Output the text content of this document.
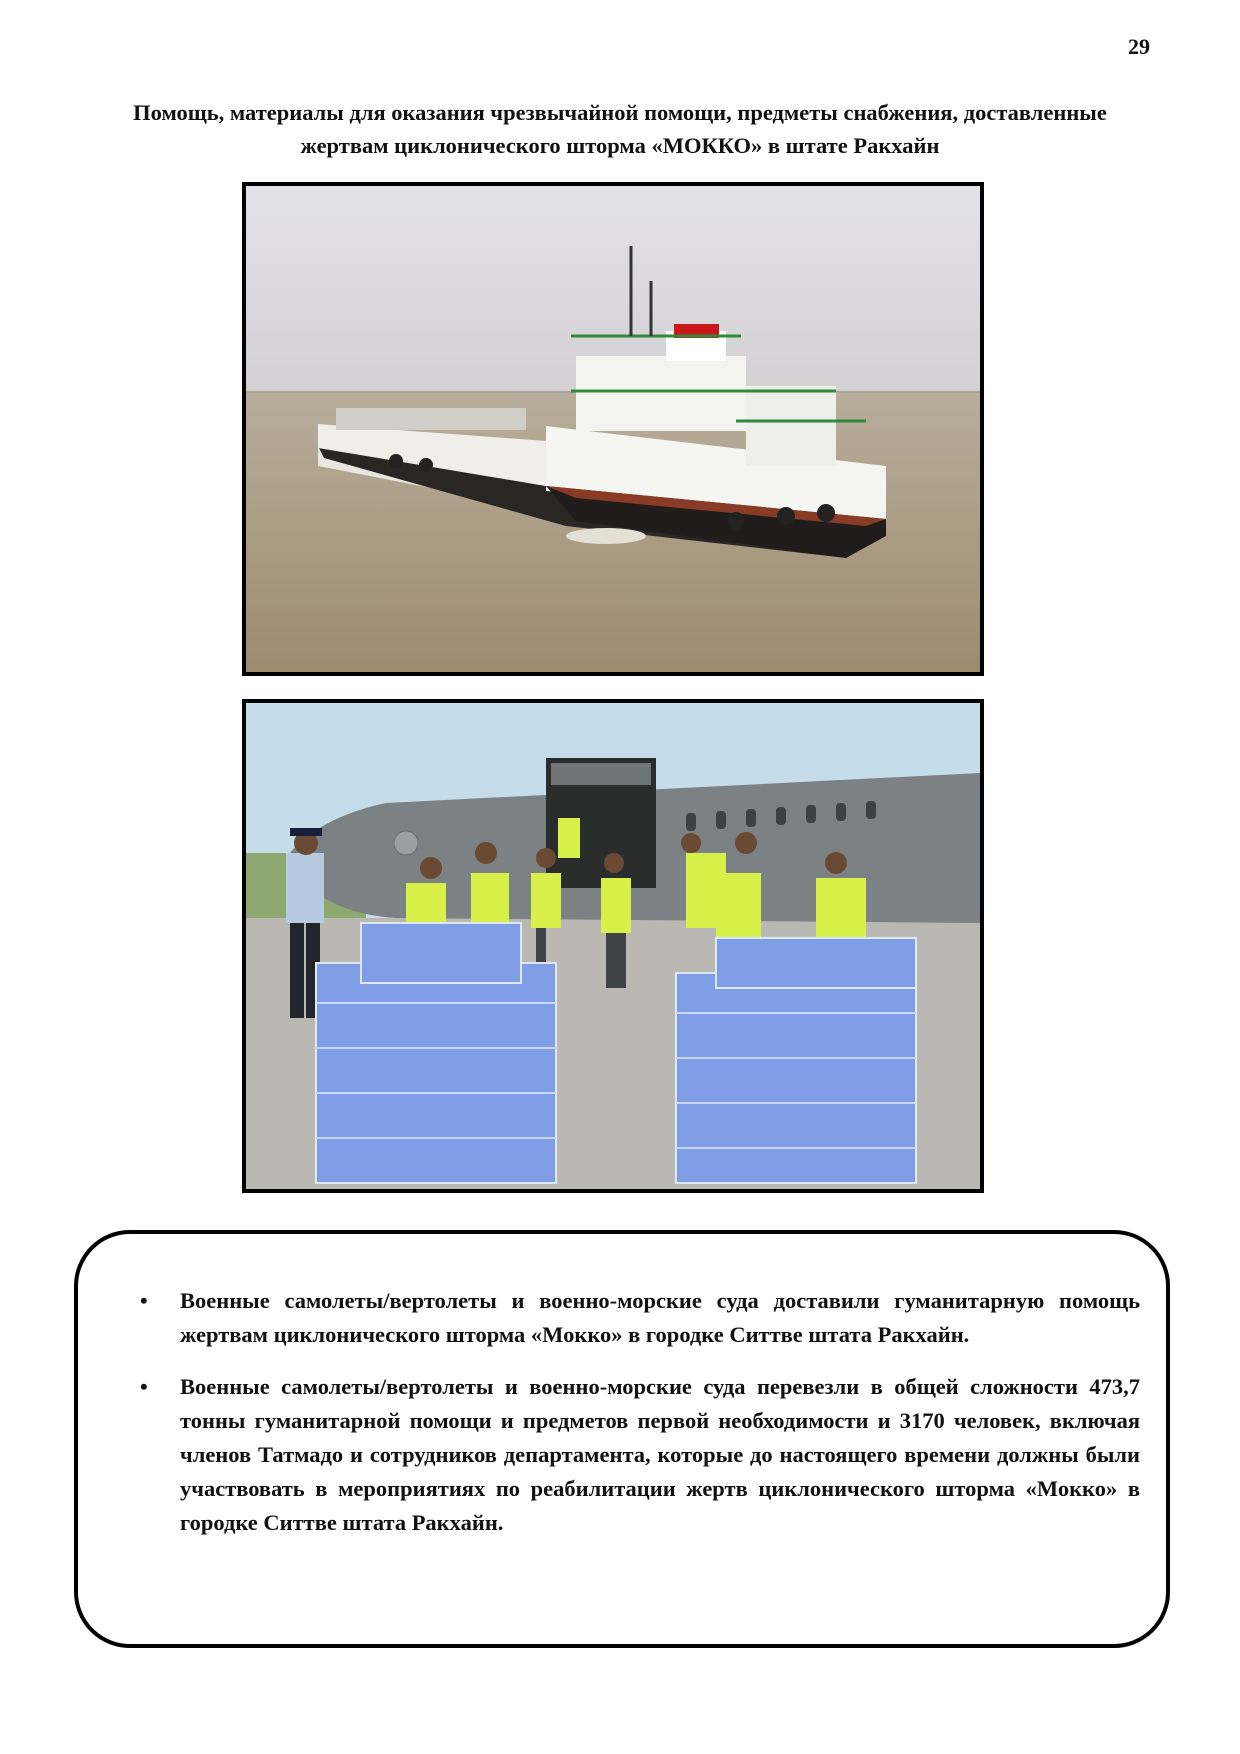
29
Помощь, материалы для оказания чрезвычайной помощи, предметы снабжения, доставленные жертвам циклонического шторма «МОККО» в штате Ракхайн
• Военные самолеты/вертолеты и военно-морские суда доставили гуманитарную помощь жертвам циклонического шторма «Мокко» в городке Ситтве штата Ракхайн.
• Военные самолеты/вертолеты и военно-морские суда перевезли в общей сложности 473,7 тонны гуманитарной помощи и предметов первой необходимости и 3170 человек, включая членов Татмадо и сотрудников департамента, которые до настоящего времени должны были участвовать в мероприятиях по реабилитации жертв циклонического шторма «Мокко» в городке Ситтве штата Ракхайн.
